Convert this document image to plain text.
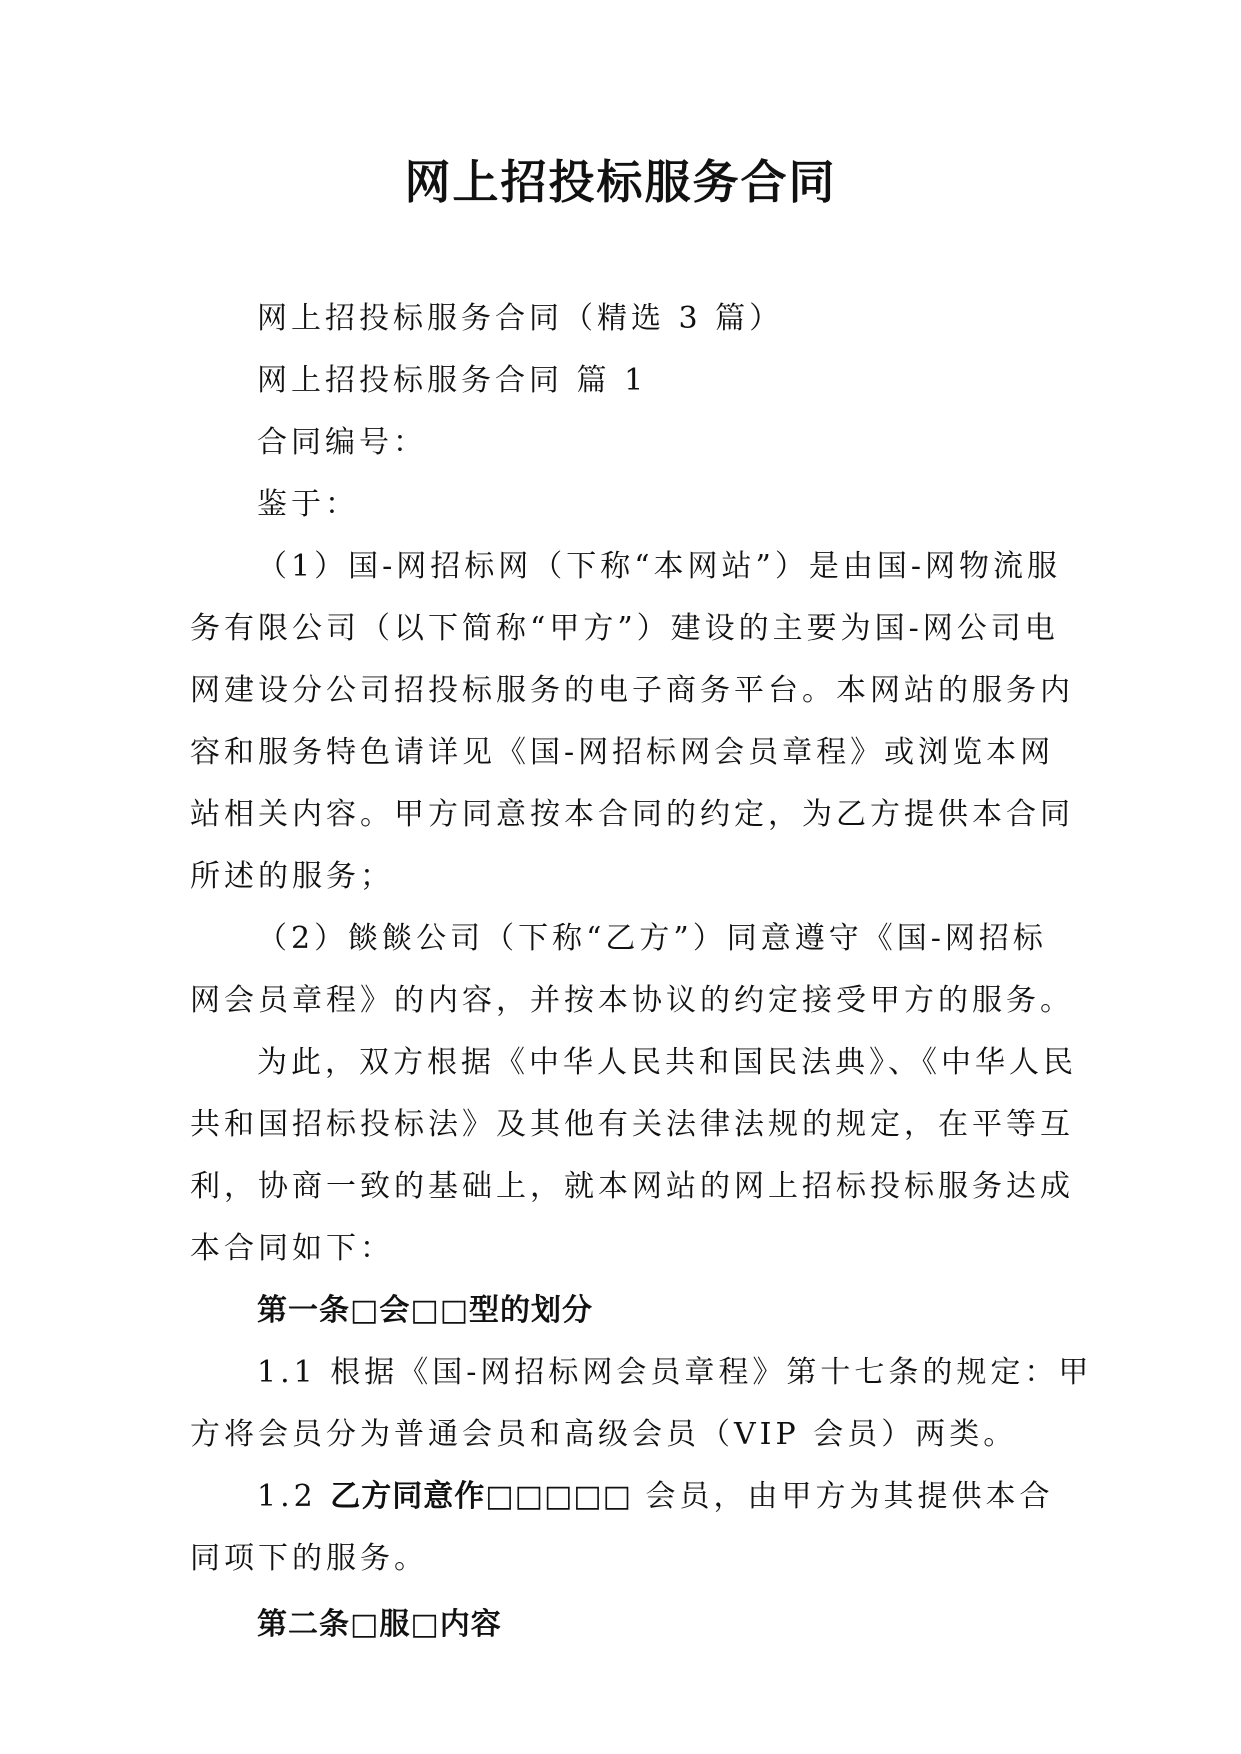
网上招投标服务合同

网上招投标服务合同（精选 3 篇）

网上招投标服务合同 篇 1

合同编号：

鉴于：

（1）国-网招标网（下称“本网站”）是由国-网物流服

务有限公司（以下简称“甲方”）建设的主要为国-网公司电

网建设分公司招投标服务的电子商务平台。本网站的服务内

容和服务特色请详见《国-网招标网会员章程》或浏览本网

站相关内容。甲方同意按本合同的约定，为乙方提供本合同

所述的服务；

（2）餤餤公司（下称“乙方”）同意遵守《国-网招标

网会员章程》的内容，并按本协议的约定接受甲方的服务。

为此，双方根据《中华人民共和国民法典》、《中华人民

共和国招标投标法》及其他有关法律法规的规定，在平等互

利，协商一致的基础上，就本网站的网上招标投标服务达成

本合同如下：

第一条□会□□型的划分

1.1 根据《国-网招标网会员章程》第十七条的规定：甲

方将会员分为普通会员和高级会员（VIP 会员）两类。

1.2 乙方同意作□□□□□ 会员，由甲方为其提供本合

同项下的服务。

第二条□服□内容
